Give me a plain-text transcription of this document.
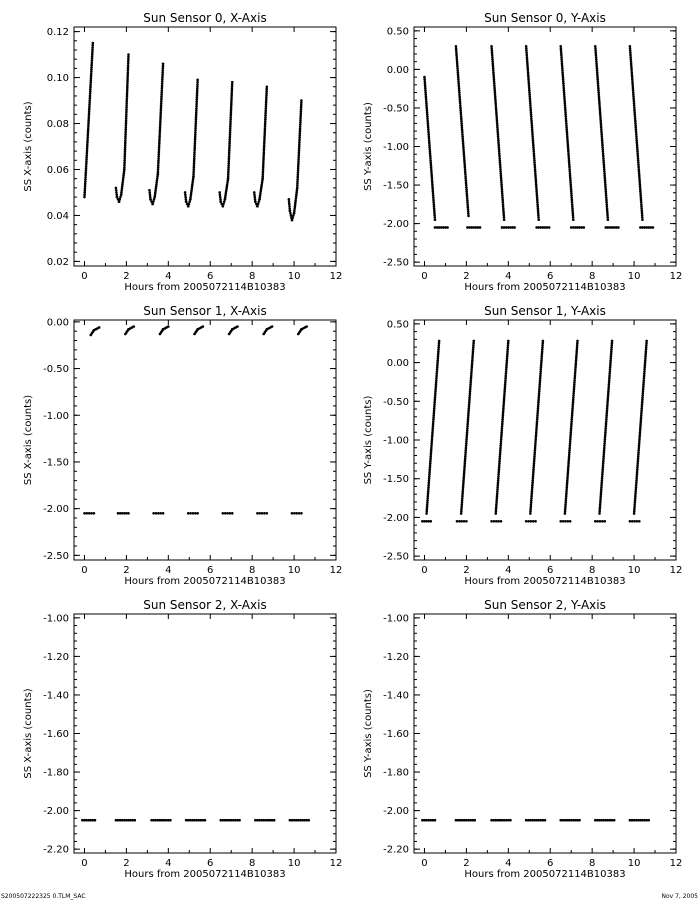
Sun Sensor 0, X-Axis
0	2	4	6	8	10	12
Hours from 2005072114B10383
0.02
0.04
0.06
0.08
0.10
0.12
SS X-axis (counts)
Sun Sensor 0, Y-Axis
0	2	4	6	8	10	12
Hours from 2005072114B10383
0.50
0.00
-0.50
-1.00
-1.50
-2.00
-2.50
SS Y-axis (counts)
Sun Sensor 1, X-Axis
0	2	4	6	8	10	12
Hours from 2005072114B10383
0.00
-0.50
-1.00
-1.50
-2.00
-2.50
SS X-axis (counts)
Sun Sensor 1, Y-Axis
0	2	4	6	8	10	12
Hours from 2005072114B10383
0.50
0.00
-0.50
-1.00
-1.50
-2.00
-2.50
SS Y-axis (counts)
Sun Sensor 2, X-Axis
0	2	4	6	8	10	12
Hours from 2005072114B10383
-1.00
-1.20
-1.40
-1.60
-1.80
-2.00
-2.20
SS X-axis (counts)
Sun Sensor 2, Y-Axis
0	2	4	6	8	10	12
Hours from 2005072114B10383
-1.00
-1.20
-1.40
-1.60
-1.80
-2.00
-2.20
SS Y-axis (counts)
S200507222325 0.TLM_SAC	Nov 7, 2005
